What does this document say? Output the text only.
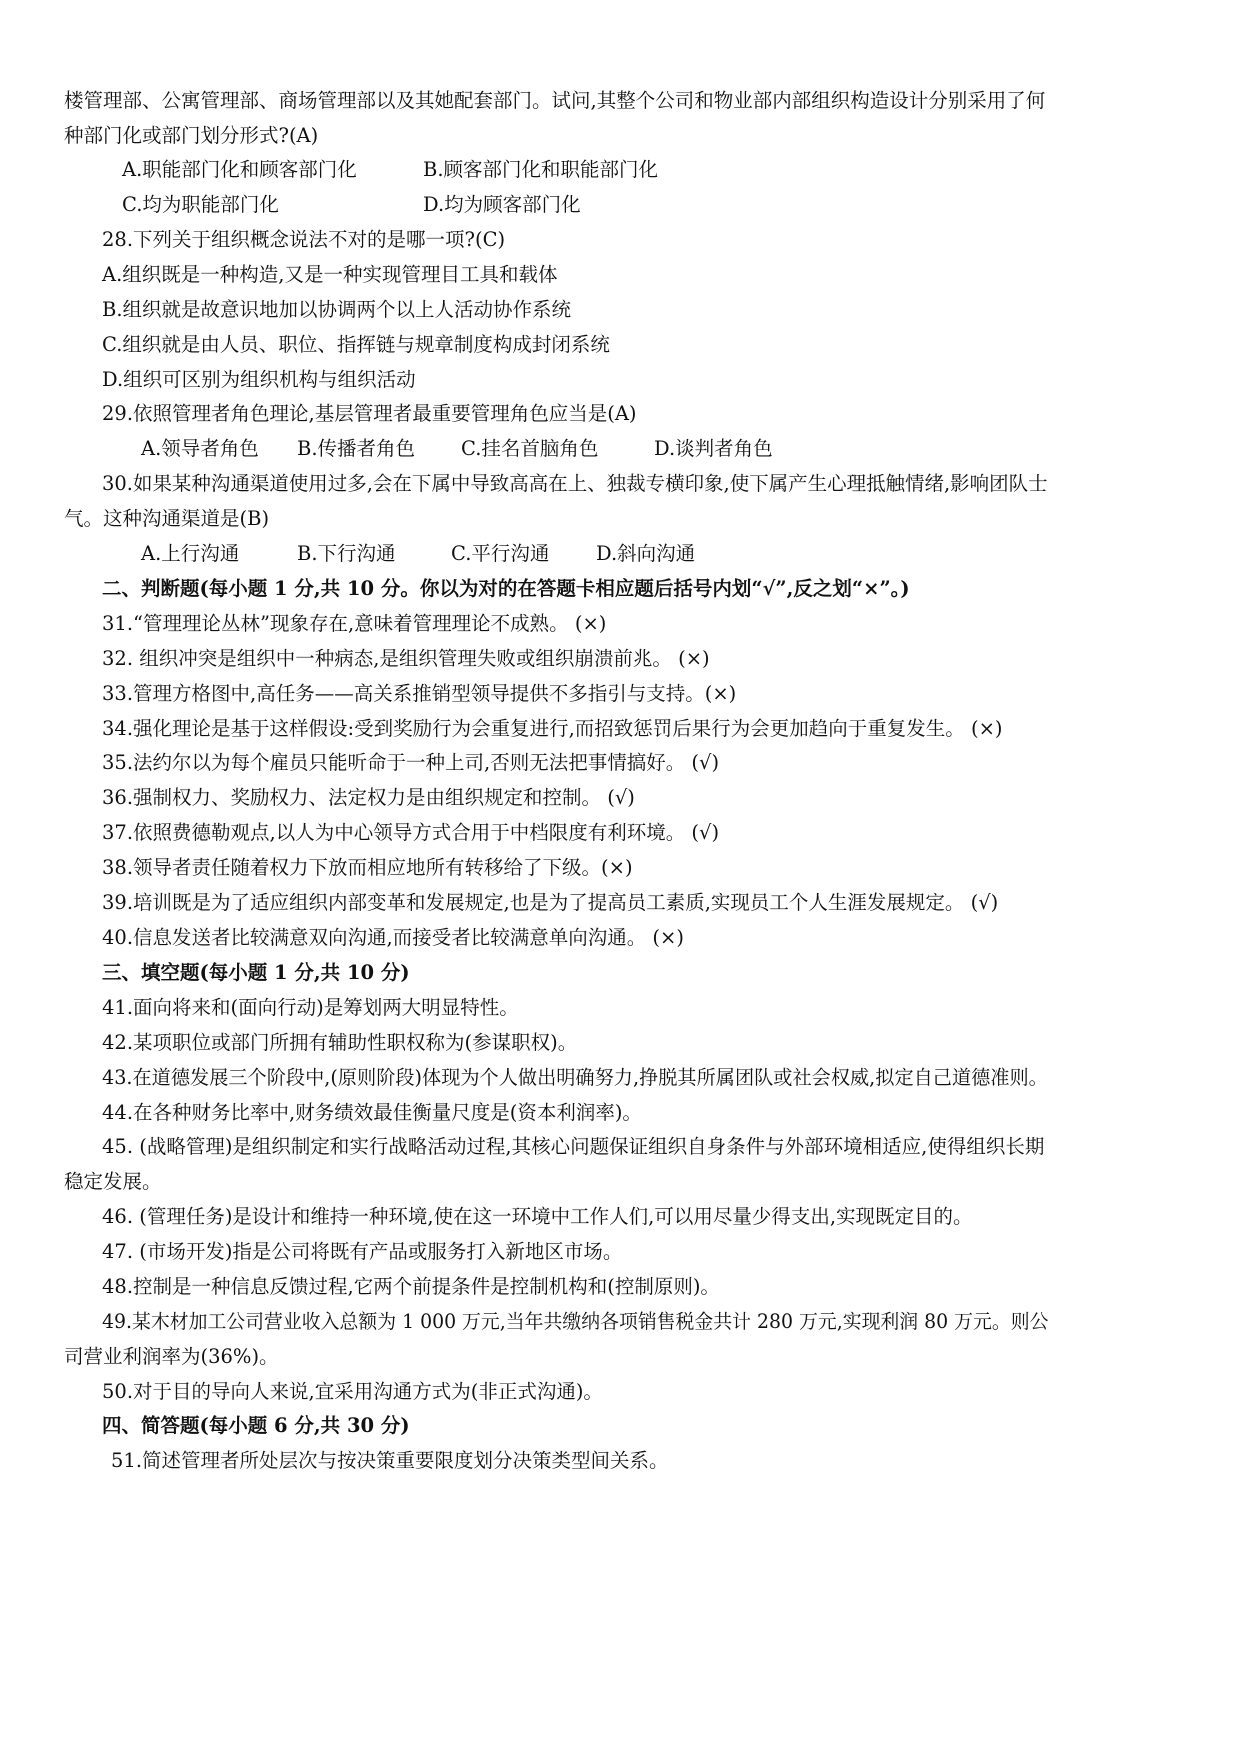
楼管理部、公寓管理部、商场管理部以及其她配套部门。试问,其整个公司和物业部内部组织构造设计分别采用了何
种部门化或部门划分形式?(A)
A.职能部门化和顾客部门化	B.顾客部门化和职能部门化
C.均为职能部门化	D.均为顾客部门化
28.下列关于组织概念说法不对的是哪一项?(C)
A.组织既是一种构造,又是一种实现管理目工具和载体
B.组织就是故意识地加以协调两个以上人活动协作系统
C.组织就是由人员、职位、指挥链与规章制度构成封闭系统
D.组织可区别为组织机构与组织活动
29.依照管理者角色理论,基层管理者最重要管理角色应当是(A)
A.领导者角色 B.传播者角色 C.挂名首脑角色	D.谈判者角色
30.如果某种沟通渠道使用过多,会在下属中导致高高在上、独裁专横印象,使下属产生心理抵触情绪,影响团队士
气。这种沟通渠道是(B)
A.上行沟通	B.下行沟通	C.平行沟通 D.斜向沟通
二、判断题(每小题 1 分,共 10 分。你以为对的在答题卡相应题后括号内划“√”,反之划“×”。)
31.“管理理论丛林”现象存在,意味着管理理论不成熟。 (×)
32. 组织冲突是组织中一种病态,是组织管理失败或组织崩溃前兆。 (×)
33.管理方格图中,高任务——高关系推销型领导提供不多指引与支持。(×)
34.强化理论是基于这样假设:受到奖励行为会重复进行,而招致惩罚后果行为会更加趋向于重复发生。 (×)
35.法约尔以为每个雇员只能听命于一种上司,否则无法把事情搞好。 (√)
36.强制权力、奖励权力、法定权力是由组织规定和控制。 (√)
37.依照费德勒观点,以人为中心领导方式合用于中档限度有利环境。 (√)
38.领导者责任随着权力下放而相应地所有转移给了下级。(×)
39.培训既是为了适应组织内部变革和发展规定,也是为了提高员工素质,实现员工个人生涯发展规定。 (√)
40.信息发送者比较满意双向沟通,而接受者比较满意单向沟通。 (×)
三、填空题(每小题 1 分,共 10 分)
41.面向将来和(面向行动)是筹划两大明显特性。
42.某项职位或部门所拥有辅助性职权称为(参谋职权)。
43.在道德发展三个阶段中,(原则阶段)体现为个人做出明确努力,挣脱其所属团队或社会权威,拟定自己道德准则。
44.在各种财务比率中,财务绩效最佳衡量尺度是(资本利润率)。
45. (战略管理)是组织制定和实行战略活动过程,其核心问题保证组织自身条件与外部环境相适应,使得组织长期
稳定发展。
46. (管理任务)是设计和维持一种环境,使在这一环境中工作人们,可以用尽量少得支出,实现既定目的。
47. (市场开发)指是公司将既有产品或服务打入新地区市场。
48.控制是一种信息反馈过程,它两个前提条件是控制机构和(控制原则)。
49.某木材加工公司营业收入总额为 1 000 万元,当年共缴纳各项销售税金共计 280 万元,实现利润 80 万元。则公
司营业利润率为(36%)。
50.对于目的导向人来说,宜采用沟通方式为(非正式沟通)。
四、简答题(每小题 6 分,共 30 分)
51.简述管理者所处层次与按决策重要限度划分决策类型间关系。
